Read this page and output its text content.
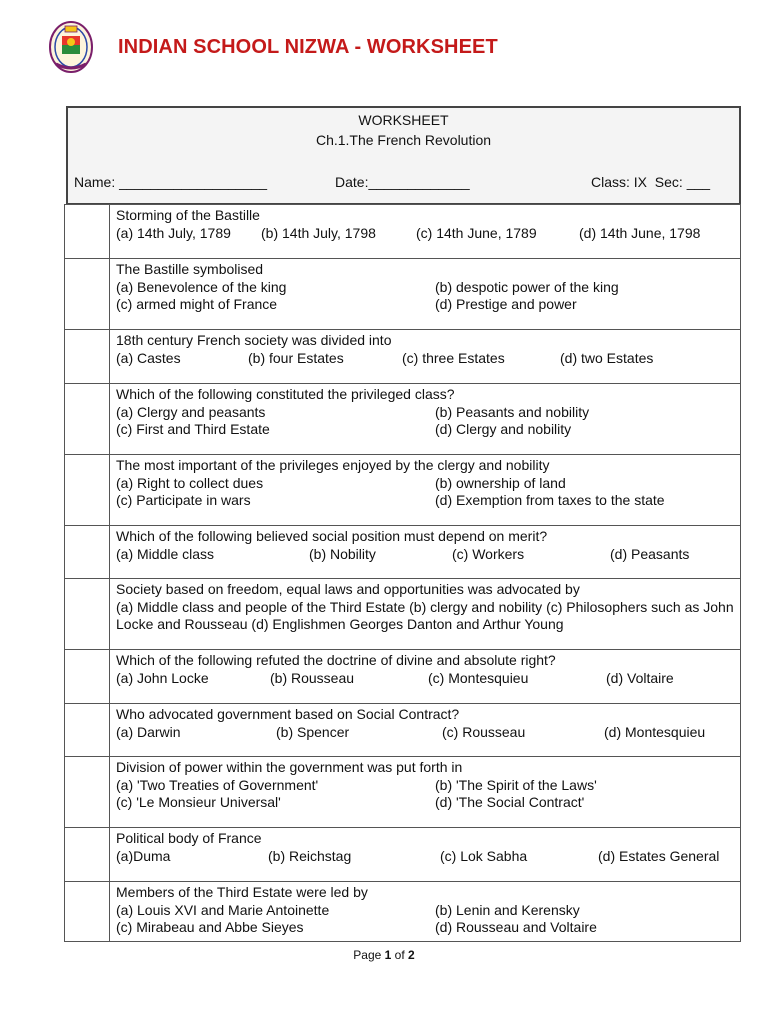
INDIAN SCHOOL NIZWA - WORKSHEET
WORKSHEET
Ch.1.The French Revolution
Name: ___________________	Date:_____________	Class: IX  Sec: ___

	Storming of the Bastille
(a) 14th July, 1789 (b) 14th July, 1798 (c) 14th June, 1789 (d) 14th June, 1798

	The Bastille symbolised
(a) Benevolence of the king (b) despotic power of the king
(c) armed might of France (d) Prestige and power

	18th century French society was divided into
(a) Castes (b) four Estates (c) three Estates (d) two Estates

	Which of the following constituted the privileged class?
(a) Clergy and peasants (b) Peasants and nobility
(c) First and Third Estate (d) Clergy and nobility

	The most important of the privileges enjoyed by the clergy and nobility
(a) Right to collect dues (b) ownership of land
(c) Participate in wars (d) Exemption from taxes to the state

	Which of the following believed social position must depend on merit?
(a) Middle class (b) Nobility (c) Workers (d) Peasants

	Society based on freedom, equal laws and opportunities was advocated by
(a) Middle class and people of the Third Estate (b) clergy and nobility (c) Philosophers such as John Locke and Rousseau (d) Englishmen Georges Danton and Arthur Young

	Which of the following refuted the doctrine of divine and absolute right?
(a) John Locke (b) Rousseau (c) Montesquieu (d) Voltaire

	Who advocated government based on Social Contract?
(a) Darwin (b) Spencer (c) Rousseau (d) Montesquieu

	Division of power within the government was put forth in
(a) 'Two Treaties of Government' (b) 'The Spirit of the Laws'
(c) 'Le Monsieur Universal' (d) 'The Social Contract'

	Political body of France
(a)Duma (b) Reichstag (c) Lok Sabha (d) Estates General

	Members of the Third Estate were led by
(a) Louis XVI and Marie Antoinette (b) Lenin and Kerensky
(c) Mirabeau and Abbe Sieyes (d) Rousseau and Voltaire
Page 1 of 2
